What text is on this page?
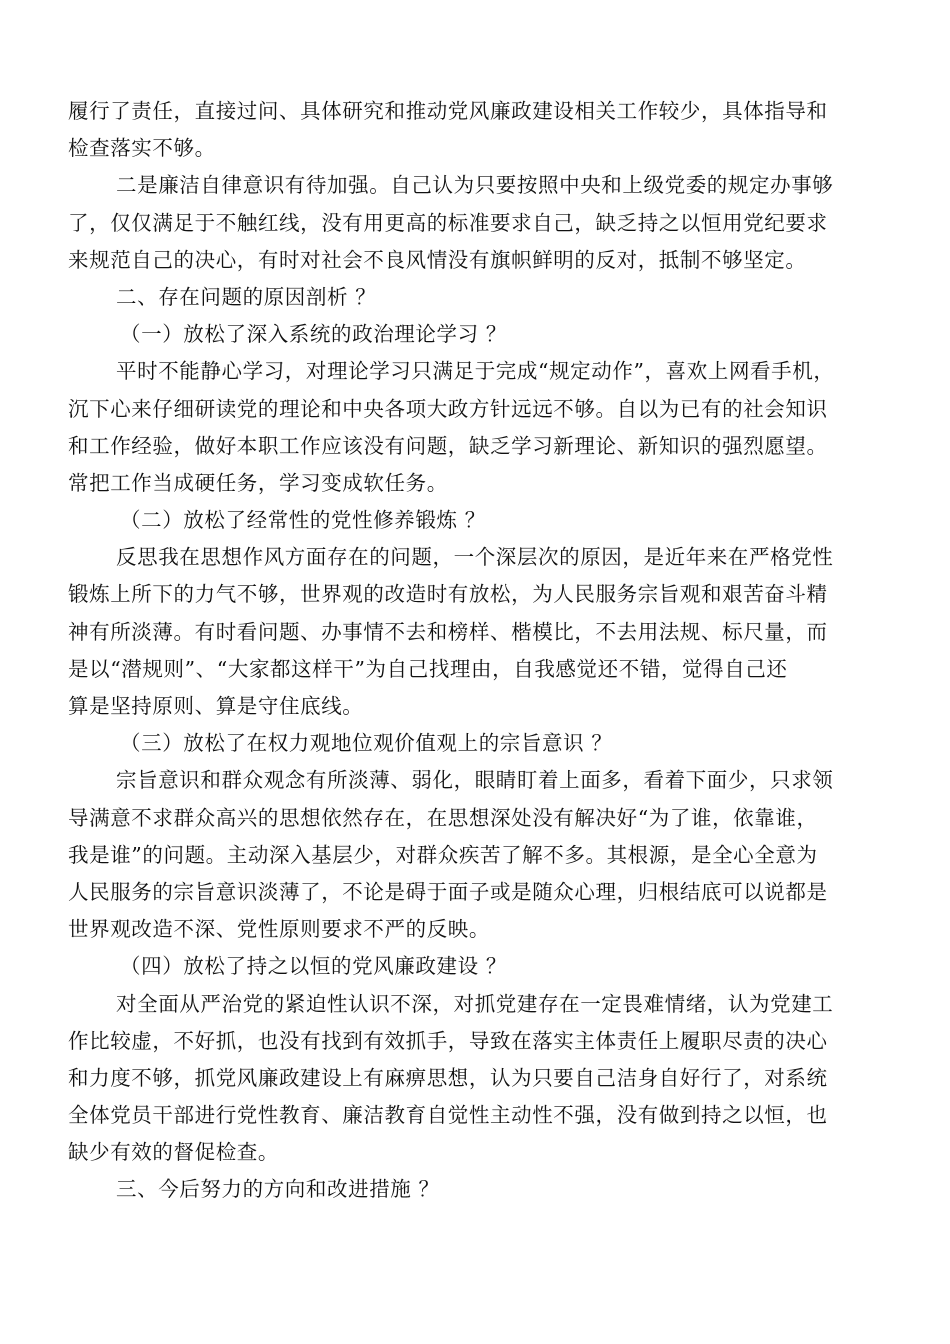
履行了责任，直接过问、具体研究和推动党风廉政建设相关工作较少，具体指导和
检查落实不够。
二是廉洁自律意识有待加强。自己认为只要按照中央和上级党委的规定办事够
了，仅仅满足于不触红线，没有用更高的标准要求自己，缺乏持之以恒用党纪要求
来规范自己的决心，有时对社会不良风情没有旗帜鲜明的反对，抵制不够坚定。
二、存在问题的原因剖析 ？
（一）放松了深入系统的政治理论学习 ？
平时不能静心学习，对理论学习只满足于完成“规定动作”，喜欢上网看手机，
沉下心来仔细研读党的理论和中央各项大政方针远远不够。自以为已有的社会知识
和工作经验，做好本职工作应该没有问题，缺乏学习新理论、新知识的强烈愿望。
常把工作当成硬任务，学习变成软任务。
（二）放松了经常性的党性修养锻炼 ？
反思我在思想作风方面存在的问题，一个深层次的原因，是近年来在严格党性
锻炼上所下的力气不够，世界观的改造时有放松，为人民服务宗旨观和艰苦奋斗精
神有所淡薄。有时看问题、办事情不去和榜样、楷模比，不去用法规、标尺量，而
是以“潜规则”、“大家都这样干”为自己找理由，自我感觉还不错，觉得自己还
算是坚持原则、算是守住底线。
（三）放松了在权力观地位观价值观上的宗旨意识 ？
宗旨意识和群众观念有所淡薄、弱化，眼睛盯着上面多，看着下面少，只求领
导满意不求群众高兴的思想依然存在，在思想深处没有解决好“为了谁，依靠谁，
我是谁”的问题。主动深入基层少，对群众疾苦了解不多。其根源，是全心全意为
人民服务的宗旨意识淡薄了，不论是碍于面子或是随众心理，归根结底可以说都是
世界观改造不深、党性原则要求不严的反映。
（四）放松了持之以恒的党风廉政建设 ？
对全面从严治党的紧迫性认识不深，对抓党建存在一定畏难情绪，认为党建工
作比较虚，不好抓，也没有找到有效抓手，导致在落实主体责任上履职尽责的决心
和力度不够，抓党风廉政建设上有麻痹思想，认为只要自己洁身自好行了，对系统
全体党员干部进行党性教育、廉洁教育自觉性主动性不强，没有做到持之以恒，也
缺少有效的督促检查。
三、今后努力的方向和改进措施 ？
